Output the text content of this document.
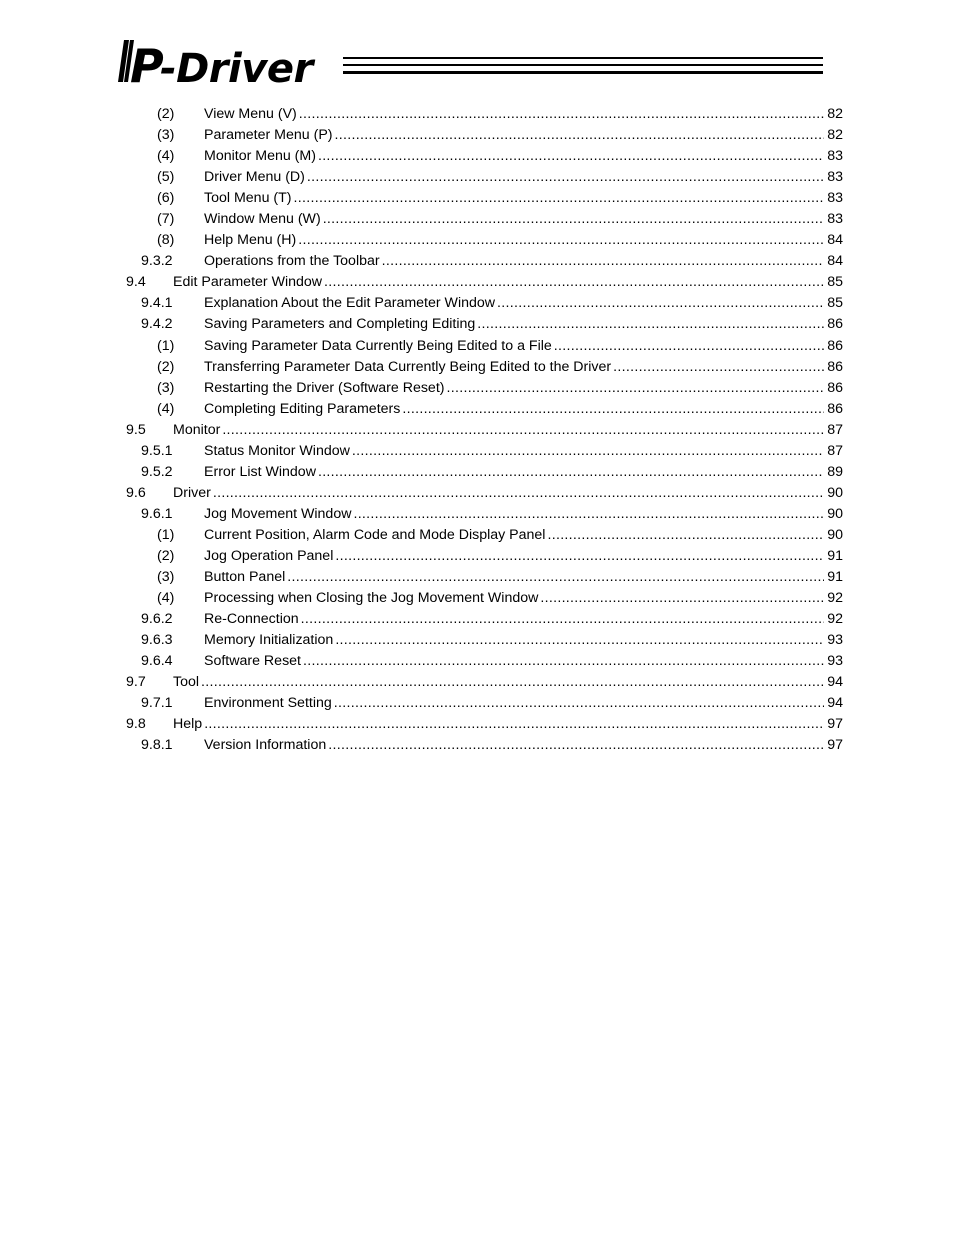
P
-Driver
(2) View Menu (V) .....	82
(3) Parameter Menu (P) .....	82
(4) Monitor Menu (M) .....	83
(5) Driver Menu (D) .....	83
(6) Tool Menu (T) .....	83
(7) Window Menu (W) .....	83
(8) Help Menu (H) .....	84
9.3.2 Operations from the Toolbar .....	84
9.4 Edit Parameter Window .....	85
9.4.1 Explanation About the Edit Parameter Window .....	85
9.4.2 Saving Parameters and Completing Editing .....	86
(1) Saving Parameter Data Currently Being Edited to a File .....	86
(2) Transferring Parameter Data Currently Being Edited to the Driver .....	86
(3) Restarting the Driver (Software Reset) .....	86
(4) Completing Editing Parameters .....	86
9.5 Monitor .....	87
9.5.1 Status Monitor Window .....	87
9.5.2 Error List Window .....	89
9.6 Driver .....	90
9.6.1 Jog Movement Window .....	90
(1) Current Position, Alarm Code and Mode Display Panel .....	90
(2) Jog Operation Panel .....	91
(3) Button Panel .....	91
(4) Processing when Closing the Jog Movement Window .....	92
9.6.2 Re-Connection .....	92
9.6.3 Memory Initialization .....	93
9.6.4 Software Reset .....	93
9.7 Tool .....	94
9.7.1 Environment Setting .....	94
9.8 Help .....	97
9.8.1 Version Information .....	97
